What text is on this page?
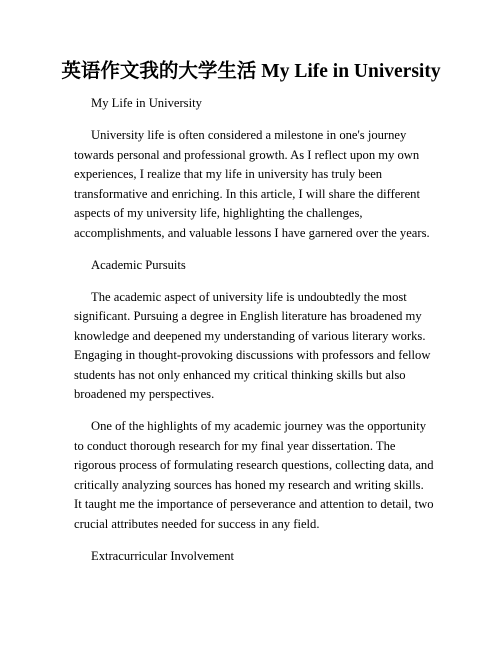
英语作文我的大学生活 My Life in University

My Life in University

University life is often considered a milestone in one's journey towards personal and professional growth. As I reflect upon my own experiences, I realize that my life in university has truly been transformative and enriching. In this article, I will share the different aspects of my university life, highlighting the challenges, accomplishments, and valuable lessons I have garnered over the years.

Academic Pursuits

The academic aspect of university life is undoubtedly the most significant. Pursuing a degree in English literature has broadened my knowledge and deepened my understanding of various literary works. Engaging in thought-provoking discussions with professors and fellow students has not only enhanced my critical thinking skills but also broadened my perspectives.

One of the highlights of my academic journey was the opportunity to conduct thorough research for my final year dissertation. The rigorous process of formulating research questions, collecting data, and critically analyzing sources has honed my research and writing skills. It taught me the importance of perseverance and attention to detail, two crucial attributes needed for success in any field.

Extracurricular Involvement
